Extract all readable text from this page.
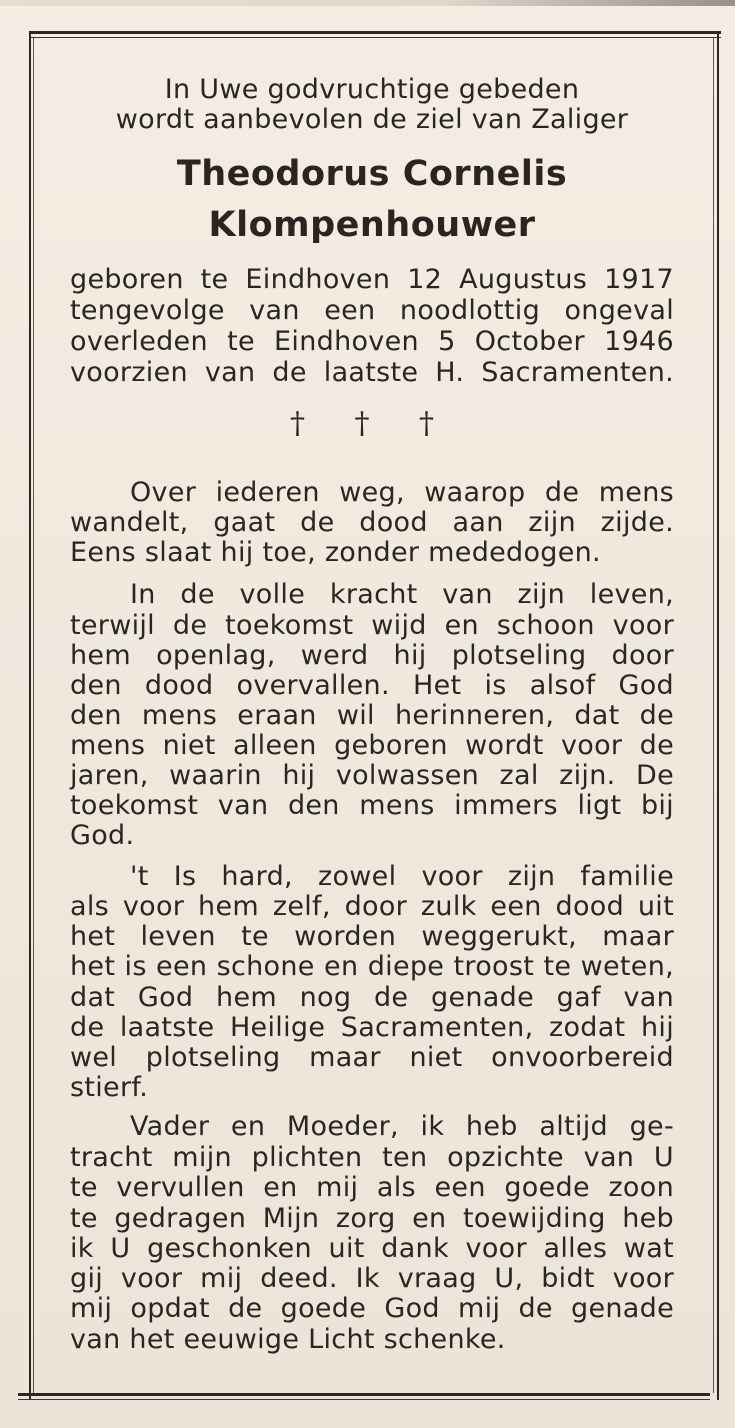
In Uwe godvruchtige gebeden
wordt aanbevolen de ziel van Zaliger
Theodorus Cornelis
Klompenhouwer
geboren te Eindhoven 12 Augustus 1917
tengevolge van een noodlottig ongeval
overleden te Eindhoven 5 October 1946
voorzien van de laatste H. Sacramenten.
† † †
Over iederen weg, waarop de mens
wandelt, gaat de dood aan zijn zijde.
Eens slaat hij toe, zonder mededogen.
In de volle kracht van zijn leven,
terwijl de toekomst wijd en schoon voor
hem openlag, werd hij plotseling door
den dood overvallen. Het is alsof God
den mens eraan wil herinneren, dat de
mens niet alleen geboren wordt voor de
jaren, waarin hij volwassen zal zijn. De
toekomst van den mens immers ligt bij
God.
't Is hard, zowel voor zijn familie
als voor hem zelf, door zulk een dood uit
het leven te worden weggerukt, maar
het is een schone en diepe troost te weten,
dat God hem nog de genade gaf van
de laatste Heilige Sacramenten, zodat hij
wel plotseling maar niet onvoorbereid
stierf.
Vader en Moeder, ik heb altijd ge-
tracht mijn plichten ten opzichte van U
te vervullen en mij als een goede zoon
te gedragen Mijn zorg en toewijding heb
ik U geschonken uit dank voor alles wat
gij voor mij deed. Ik vraag U, bidt voor
mij opdat de goede God mij de genade
van het eeuwige Licht schenke.
